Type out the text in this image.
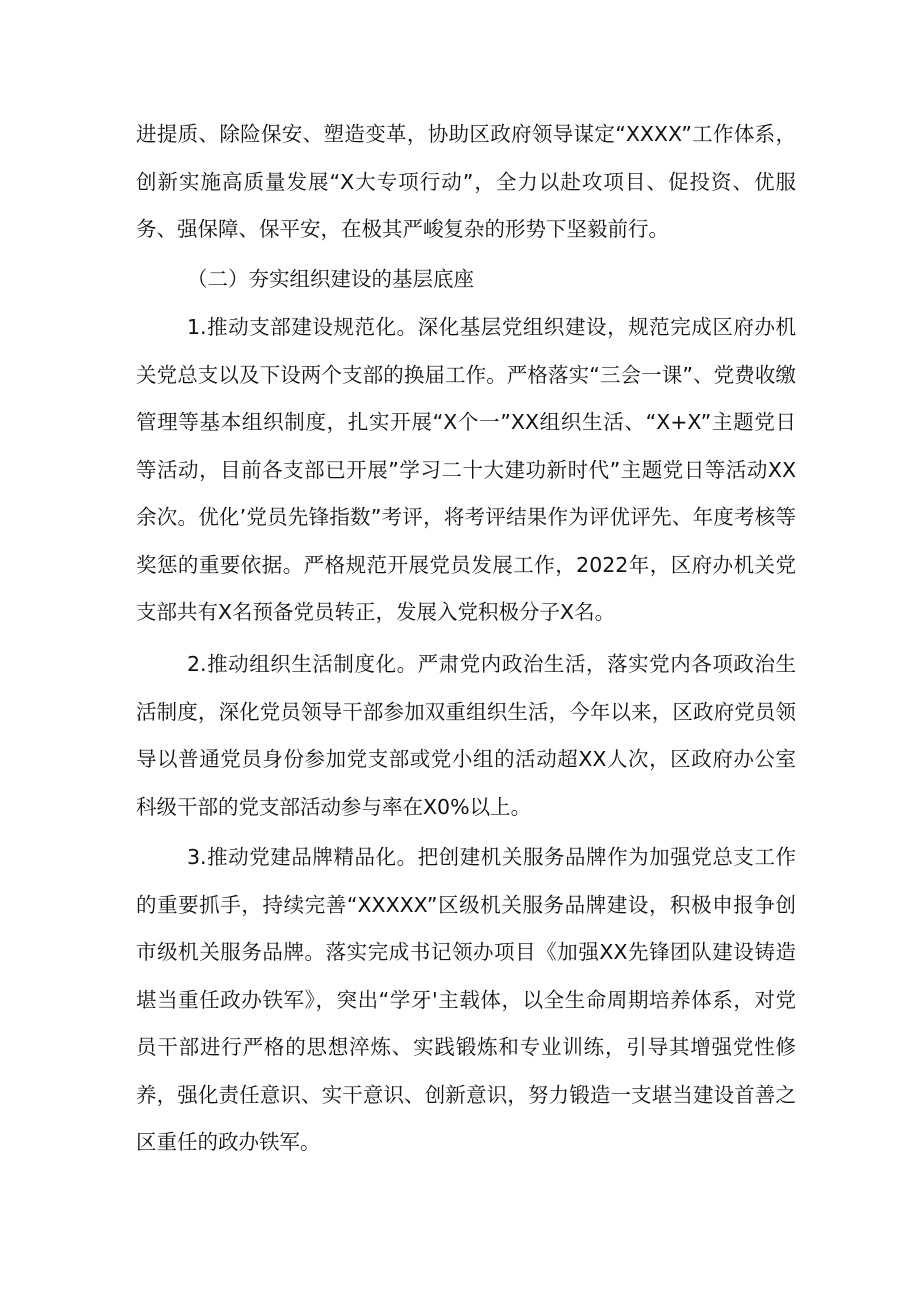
进提质、除险保安、塑造变革，协助区政府领导谋定“XXXX”工作体系，创新实施高质量发展“X大专项行动”，全力以赴攻项目、促投资、优服务、强保障、保平安，在极其严峻复杂的形势下坚毅前行。

（二）夯实组织建设的基层底座

1.推动支部建设规范化。深化基层党组织建设，规范完成区府办机关党总支以及下设两个支部的换届工作。严格落实“三会一课”、党费收缴管理等基本组织制度，扎实开展“X个一”XX组织生活、“X+X”主题党日等活动，目前各支部已开展”学习二十大建功新时代”主题党日等活动XX余次。优化’党员先锋指数”考评，将考评结果作为评优评先、年度考核等奖惩的重要依据。严格规范开展党员发展工作，2022年，区府办机关党支部共有X名预备党员转正，发展入党积极分子X名。

2.推动组织生活制度化。严肃党内政治生活，落实党内各项政治生活制度，深化党员领导干部参加双重组织生活，今年以来，区政府党员领导以普通党员身份参加党支部或党小组的活动超XX人次，区政府办公室科级干部的党支部活动参与率在X0%以上。

3.推动党建品牌精品化。把创建机关服务品牌作为加强党总支工作的重要抓手，持续完善“XXXXX”区级机关服务品牌建设，积极申报争创市级机关服务品牌。落实完成书记领办项目《加强XX先锋团队建设铸造堪当重任政办铁军》，突出“学牙'主载体，以全生命周期培养体系，对党员干部进行严格的思想淬炼、实践锻炼和专业训练，引导其增强党性修养，强化责任意识、实干意识、创新意识，努力锻造一支堪当建设首善之区重任的政办铁军。
